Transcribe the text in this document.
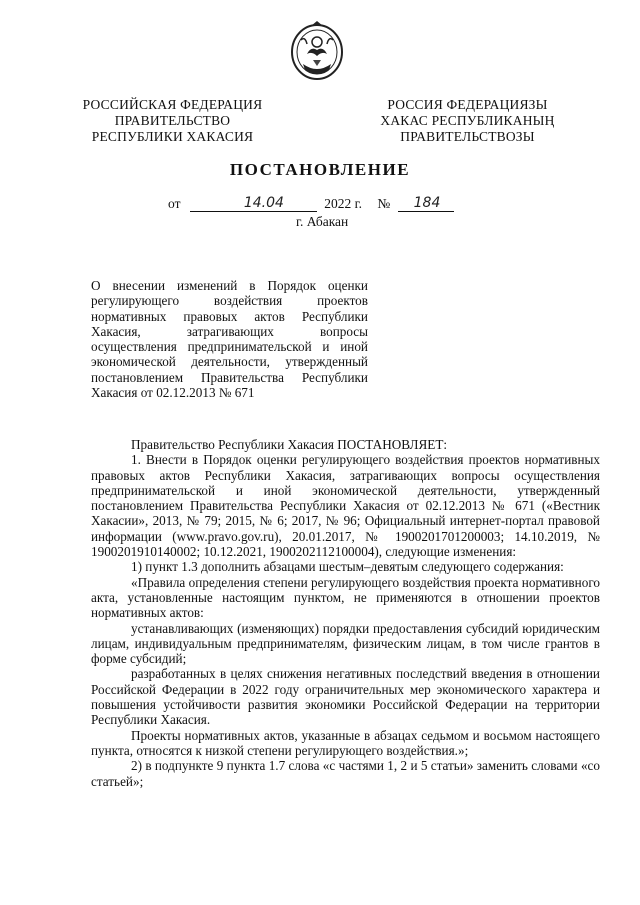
РОССИЙСКАЯ ФЕДЕРАЦИЯ
ПРАВИТЕЛЬСТВО
РЕСПУБЛИКИ ХАКАСИЯ
РОССИЯ ФЕДЕРАЦИЯЗЫ
ХАКАС РЕСПУБЛИКАНЫҢ
ПРАВИТЕЛЬСТВОЗЫ
ПОСТАНОВЛЕНИЕ
от	14.04	2022 г. № 184
г. Абакан
О внесении изменений в Порядок оценки регулирующего воздействия проектов нормативных правовых актов Республики Хакасия, затрагивающих вопросы осуществления предпринимательской и иной экономической деятельности, утвержденный постановлением Правительства Республики Хакасия от 02.12.2013 № 671

Правительство Республики Хакасия ПОСТАНОВЛЯЕТ:

1. Внести в Порядок оценки регулирующего воздействия проектов нормативных правовых актов Республики Хакасия, затрагивающих вопросы осуществления предпринимательской и иной экономической деятельности, утвержденный постановлением Правительства Республики Хакасия от 02.12.2013 № 671 («Вестник Хакасии», 2013, № 79; 2015, № 6; 2017, № 96; Официальный интернет-портал правовой информации (www.pravo.gov.ru), 20.01.2017, № 1900201701200003; 14.10.2019, № 1900201910140002; 10.12.2021, 1900202112100004), следующие изменения:

1) пункт 1.3 дополнить абзацами шестым–девятым следующего содержания:

«Правила определения степени регулирующего воздействия проекта нормативного акта, установленные настоящим пунктом, не применяются в отношении проектов нормативных актов:

устанавливающих (изменяющих) порядки предоставления субсидий юридическим лицам, индивидуальным предпринимателям, физическим лицам, в том числе грантов в форме субсидий;

разработанных в целях снижения негативных последствий введения в отношении Российской Федерации в 2022 году ограничительных мер экономического характера и повышения устойчивости развития экономики Российской Федерации на территории Республики Хакасия.

Проекты нормативных актов, указанные в абзацах седьмом и восьмом настоящего пункта, относятся к низкой степени регулирующего воздействия.»;

2) в подпункте 9 пункта 1.7 слова «с частями 1, 2 и 5 статьи» заменить словами «со статьей»;
